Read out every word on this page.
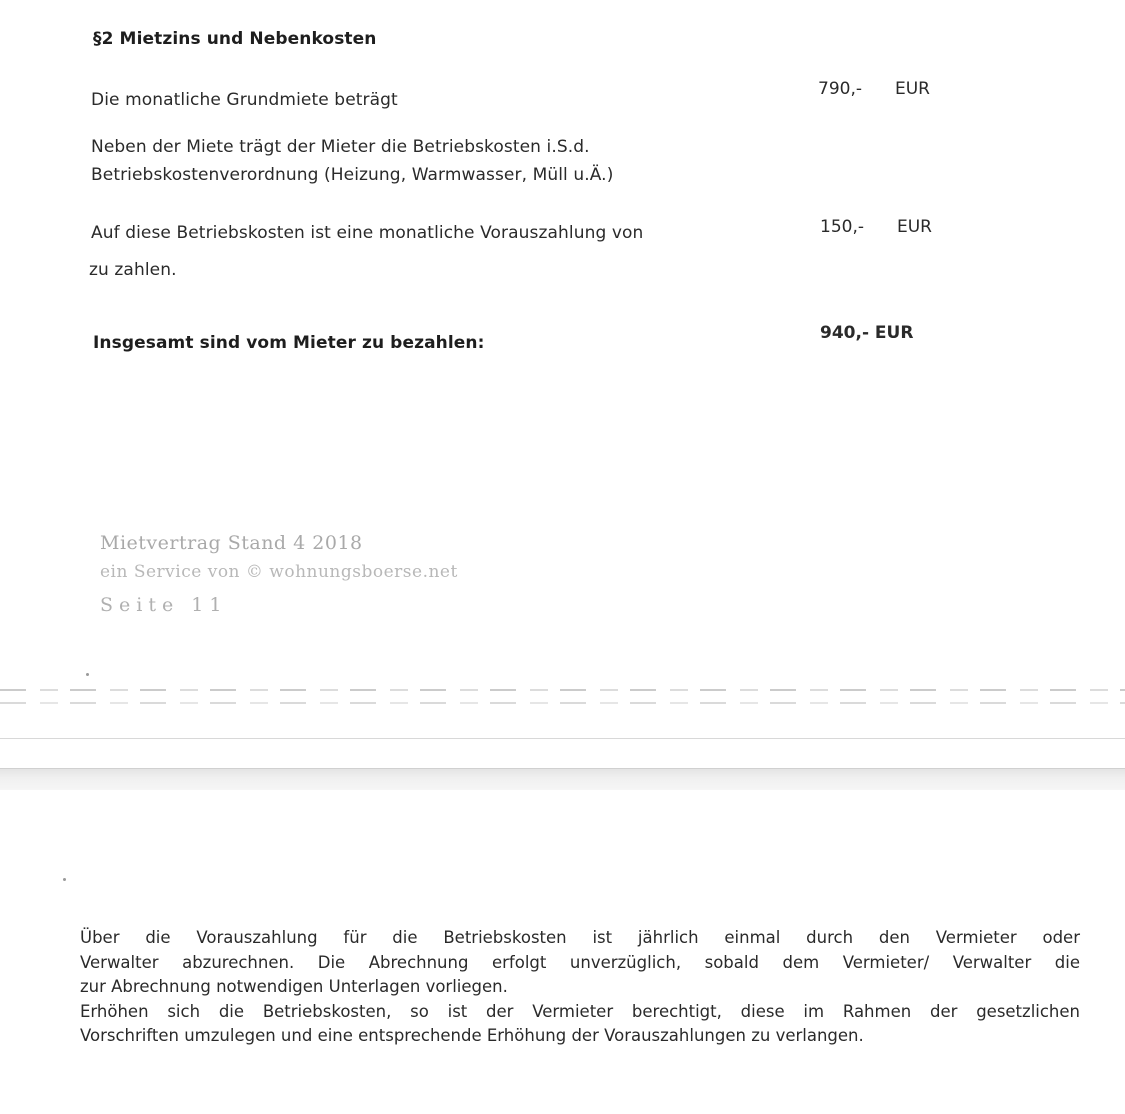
§2 Mietzins und Nebenkosten
Die monatliche Grundmiete beträgt
790,- EUR
Neben der Miete trägt der Mieter die Betriebskosten i.S.d.
Betriebskostenverordnung (Heizung, Warmwasser, Müll u.Ä.)
Auf diese Betriebskosten ist eine monatliche Vorauszahlung von
zu zahlen.
150,- EUR
Insgesamt sind vom Mieter zu bezahlen:	940,- EUR
Mietvertrag Stand 4 2018
ein Service von © wohnungsboerse.net
Seite 11
Über die Vorauszahlung für die Betriebskosten ist jährlich einmal durch den Vermieter oder
Verwalter abzurechnen. Die Abrechnung erfolgt unverzüglich, sobald dem Vermieter/ Verwalter die
zur Abrechnung notwendigen Unterlagen vorliegen.
Erhöhen sich die Betriebskosten, so ist der Vermieter berechtigt, diese im Rahmen der gesetzlichen
Vorschriften umzulegen und eine entsprechende Erhöhung der Vorauszahlungen zu verlangen.
